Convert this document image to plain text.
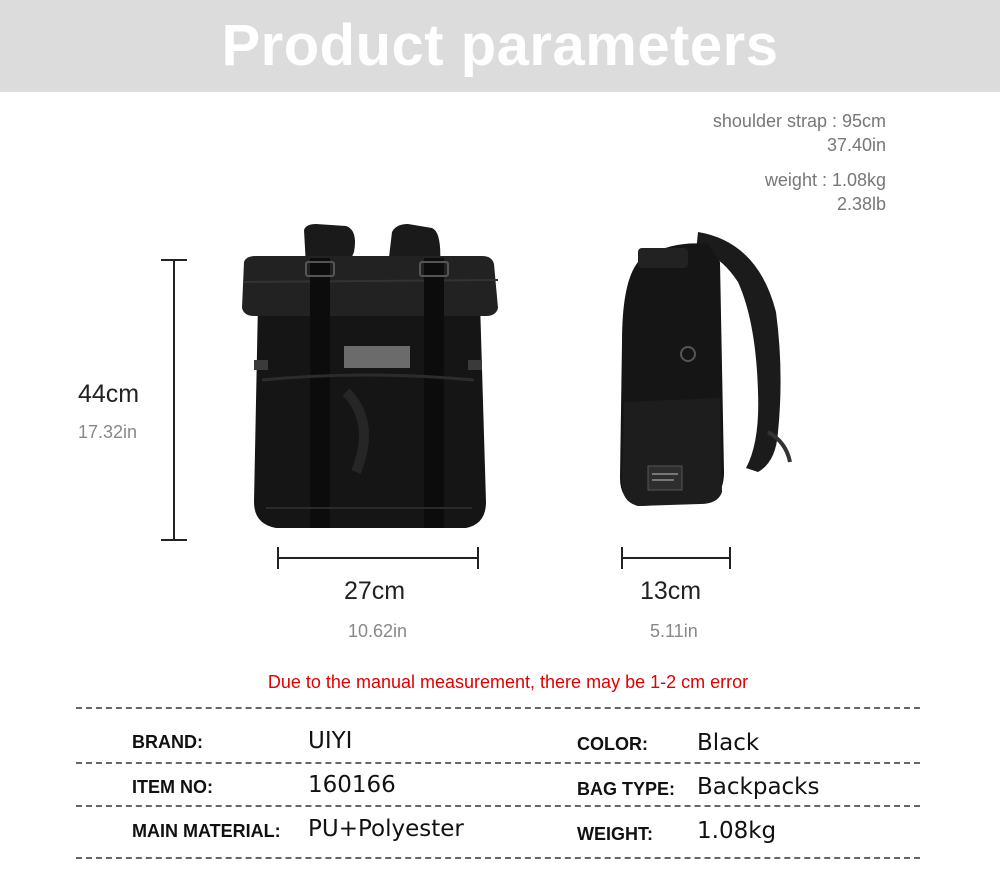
Product parameters
shoulder strap : 95cm
37.40in
weight : 1.08kg
2.38lb
44cm
17.32in
27cm
10.62in
13cm
5.11in
Due to the manual measurement, there may be 1-2 cm error
BRAND:	UIYI	COLOR: Black
ITEM NO:	160166	BAG TYPE: Backpacks
MAIN MATERIAL: PU+Polyester	WEIGHT: 1.08kg
